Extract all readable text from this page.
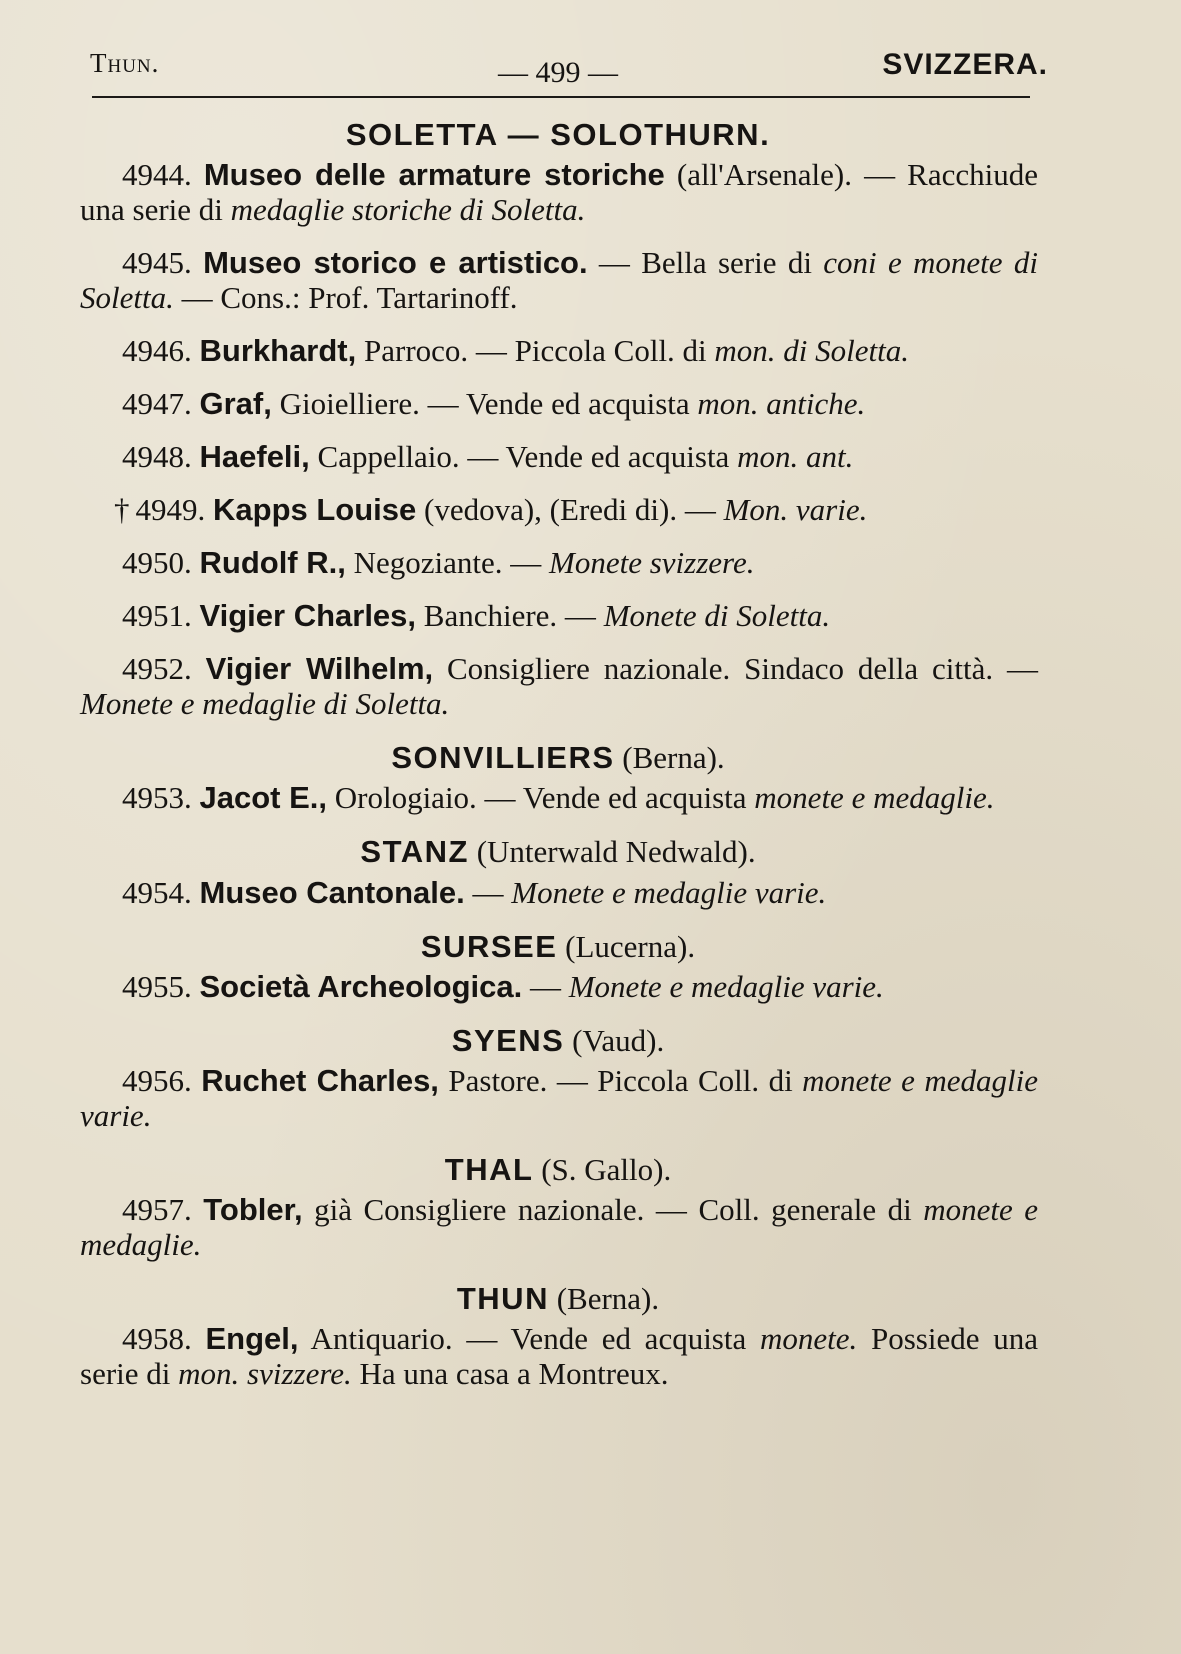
Thun.	— 499 —	SVIZZERA.
SOLETTA — SOLOTHURN.
4944. Museo delle armature storiche (all'Arsenale). — Racchiude una serie di medaglie storiche di Soletta.
4945. Museo storico e artistico. — Bella serie di coni e monete di Soletta. — Cons.: Prof. Tartarinoff.
4946. Burkhardt, Parroco. — Piccola Coll. di mon. di Soletta.
4947. Graf, Gioielliere. — Vende ed acquista mon. antiche.
4948. Haefeli, Cappellaio. — Vende ed acquista mon. ant.
† 4949. Kapps Louise (vedova), (Eredi di). — Mon. varie.
4950. Rudolf R., Negoziante. — Monete svizzere.
4951. Vigier Charles, Banchiere. — Monete di Soletta.
4952. Vigier Wilhelm, Consigliere nazionale. Sindaco della città. — Monete e medaglie di Soletta.
SONVILLIERS (Berna).
4953. Jacot E., Orologiaio. — Vende ed acquista monete e medaglie.
STANZ (Unterwald Nedwald).
4954. Museo Cantonale. — Monete e medaglie varie.
SURSEE (Lucerna).
4955. Società Archeologica. — Monete e medaglie varie.
SYENS (Vaud).
4956. Ruchet Charles, Pastore. — Piccola Coll. di monete e medaglie varie.
THAL (S. Gallo).
4957. Tobler, già Consigliere nazionale. — Coll. generale di monete e medaglie.
THUN (Berna).
4958. Engel, Antiquario. — Vende ed acquista monete. Possiede una serie di mon. svizzere. Ha una casa a Montreux.
